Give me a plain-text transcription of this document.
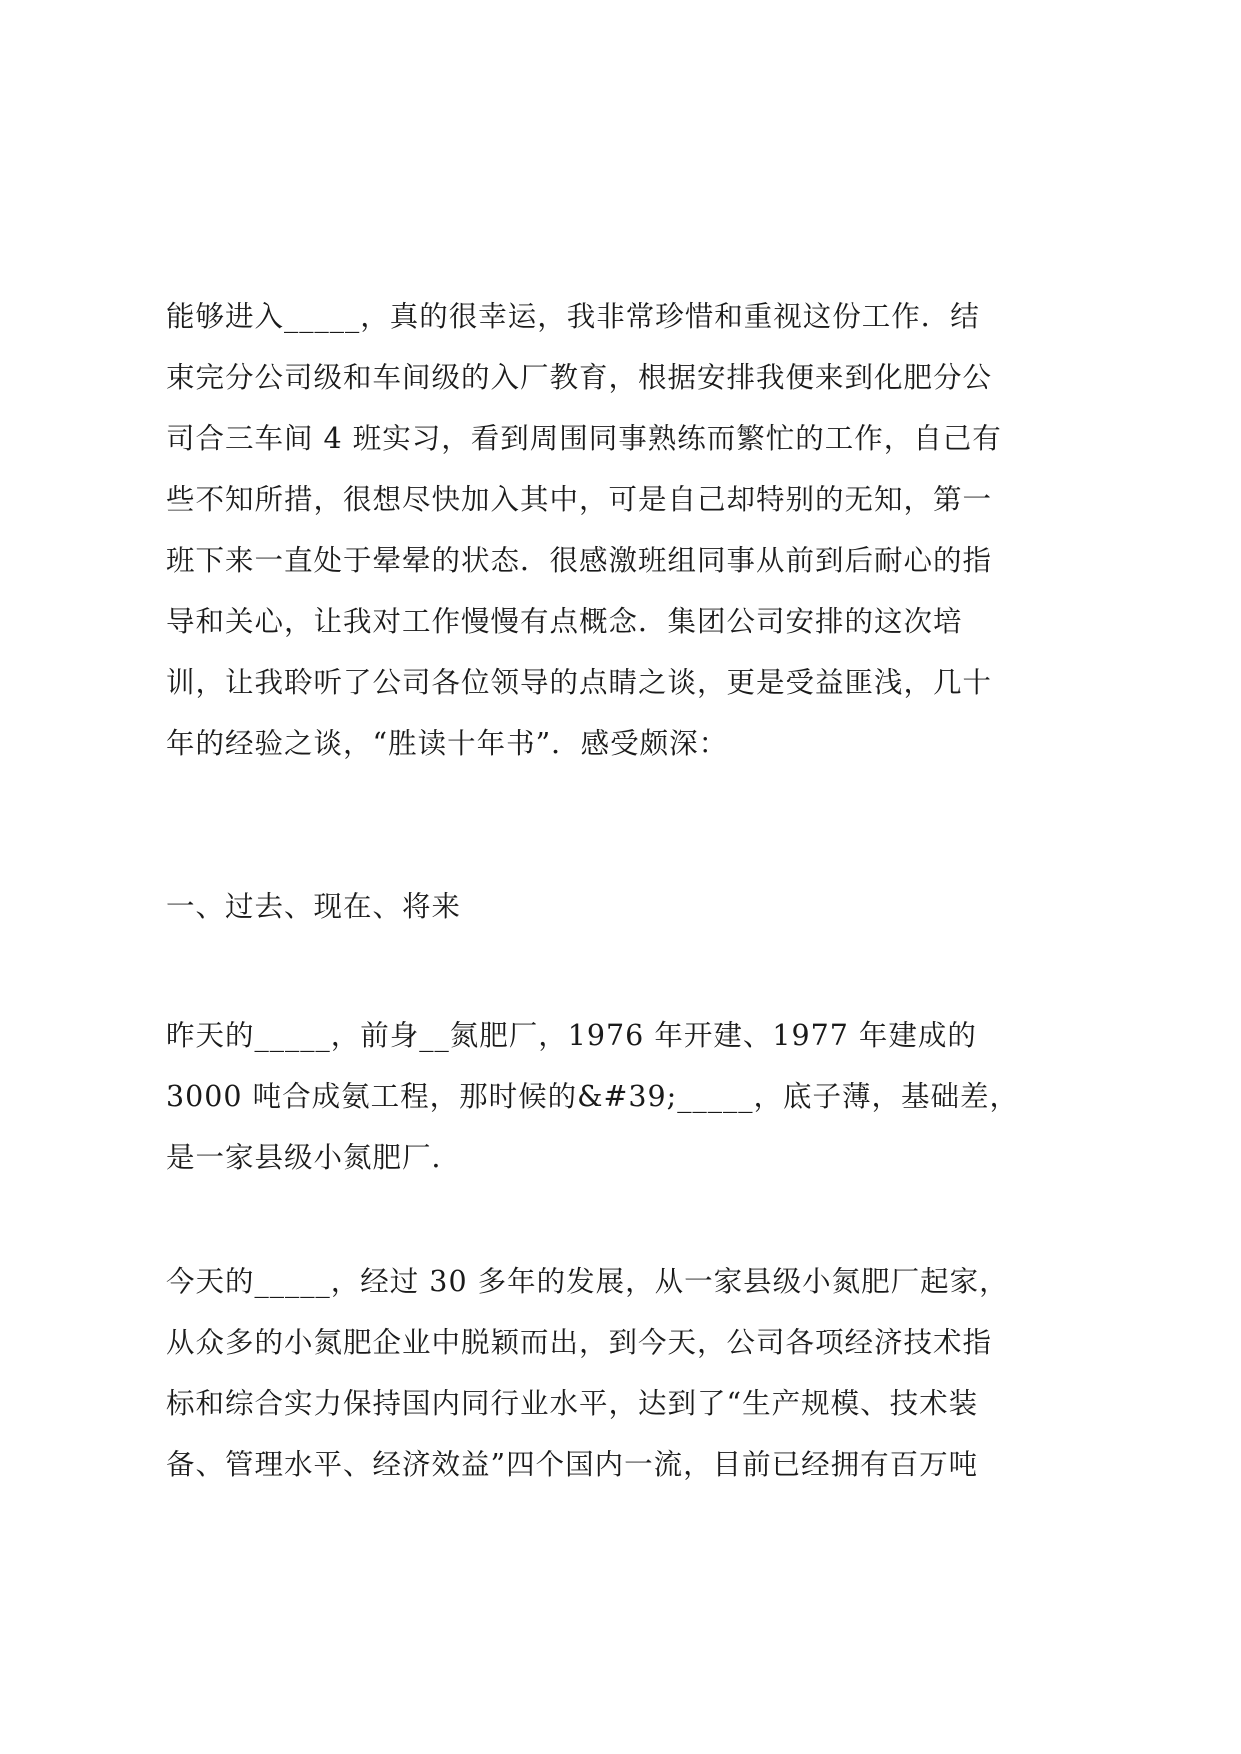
能够进入_____，真的很幸运，我非常珍惜和重视这份工作．结
束完分公司级和车间级的入厂教育，根据安排我便来到化肥分公
司合三车间 4 班实习，看到周围同事熟练而繁忙的工作，自己有
些不知所措，很想尽快加入其中，可是自己却特别的无知，第一
班下来一直处于晕晕的状态．很感激班组同事从前到后耐心的指
导和关心，让我对工作慢慢有点概念．集团公司安排的这次培
训，让我聆听了公司各位领导的点睛之谈，更是受益匪浅，几十
年的经验之谈，“胜读十年书”．感受颇深：
一、过去、现在、将来
昨天的_____，前身__氮肥厂，1976 年开建、1977 年建成的
3000 吨合成氨工程，那时候的&#39;_____，底子薄，基础差，
是一家县级小氮肥厂．
今天的_____，经过 30 多年的发展，从一家县级小氮肥厂起家，
从众多的小氮肥企业中脱颖而出，到今天，公司各项经济技术指
标和综合实力保持国内同行业水平，达到了“生产规模、技术装
备、管理水平、经济效益”四个国内一流，目前已经拥有百万吨
